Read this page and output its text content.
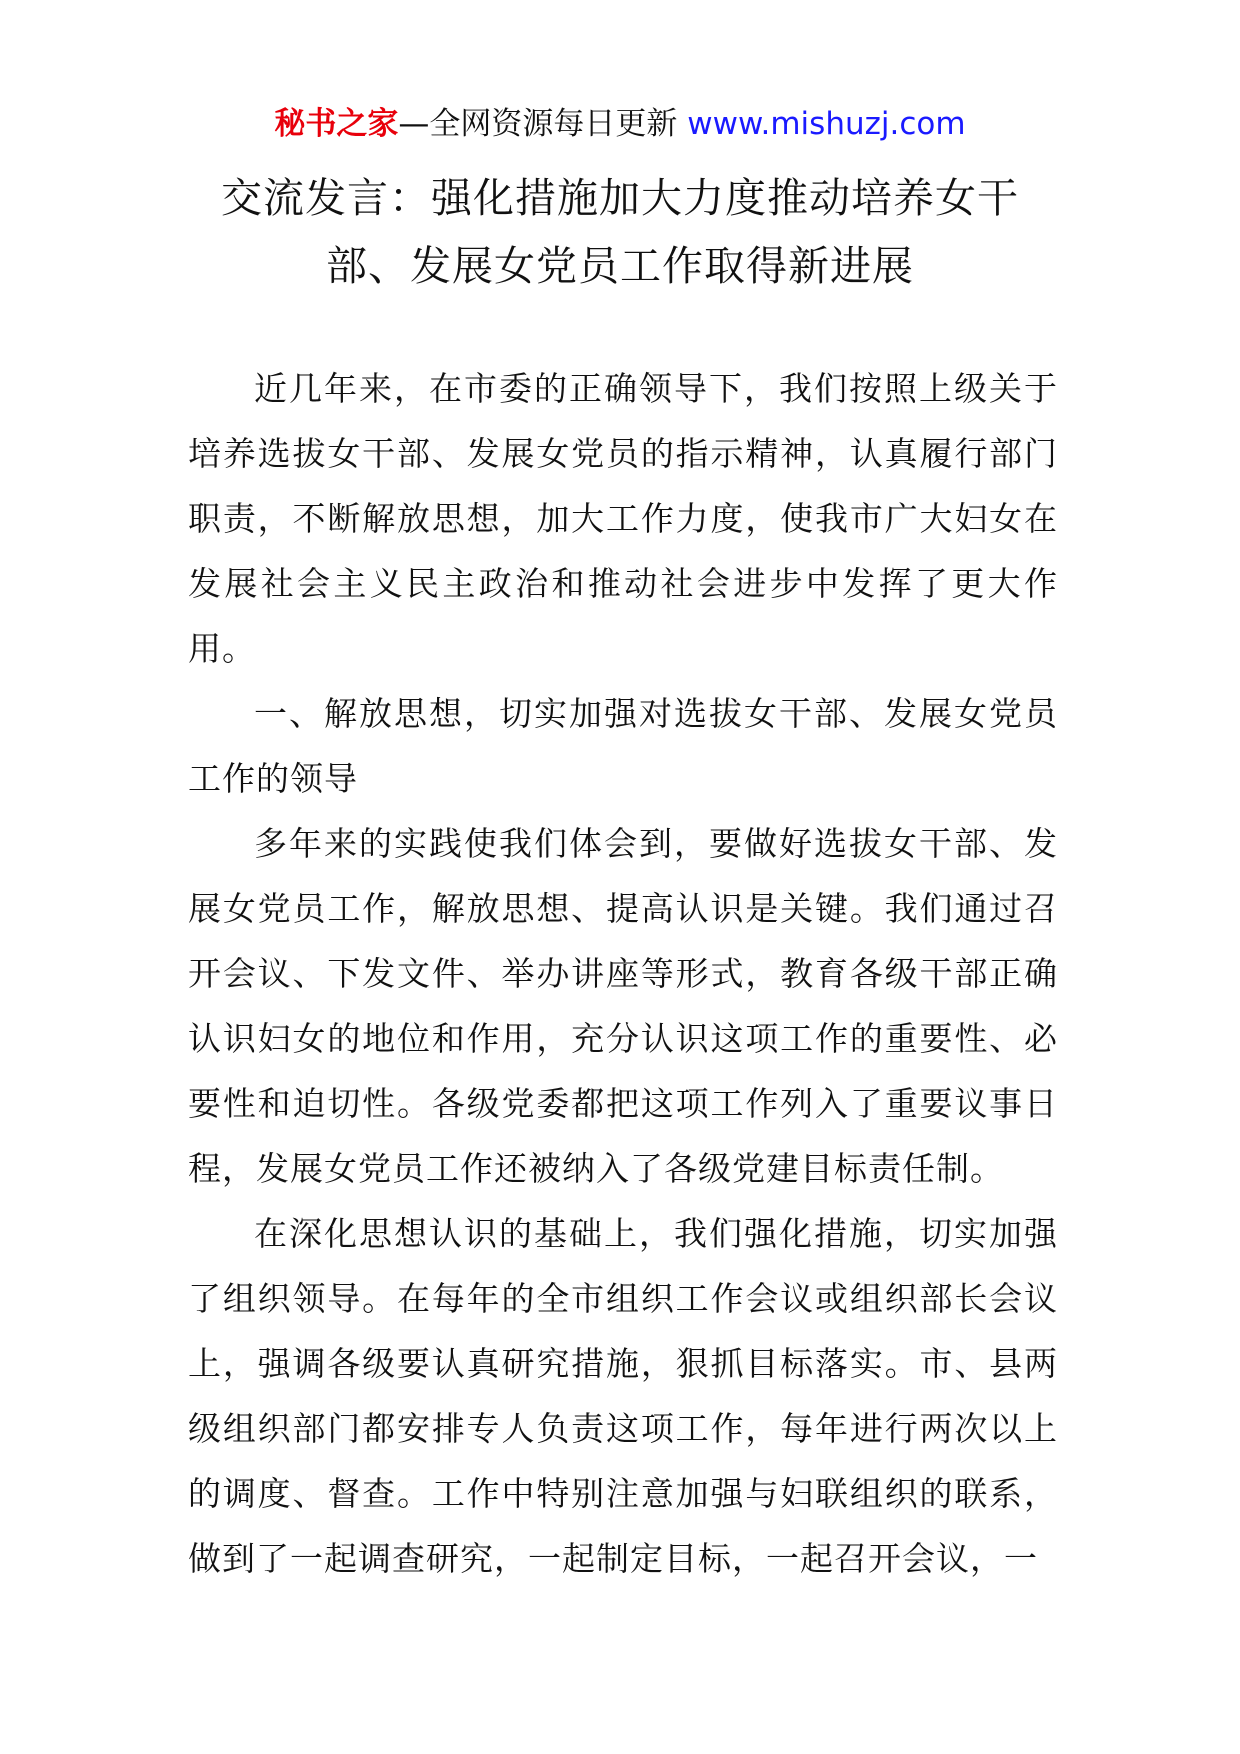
秘书之家—全网资源每日更新 www.mishuzj.com
交流发言：强化措施加大力度推动培养女干
部、发展女党员工作取得新进展

近几年来，在市委的正确领导下，我们按照上级关于培养选拔女干部、发展女党员的指示精神，认真履行部门职责，不断解放思想，加大工作力度，使我市广大妇女在发展社会主义民主政治和推动社会进步中发挥了更大作用。

一、解放思想，切实加强对选拔女干部、发展女党员工作的领导

多年来的实践使我们体会到，要做好选拔女干部、发展女党员工作，解放思想、提高认识是关键。我们通过召开会议、下发文件、举办讲座等形式，教育各级干部正确认识妇女的地位和作用，充分认识这项工作的重要性、必要性和迫切性。各级党委都把这项工作列入了重要议事日程，发展女党员工作还被纳入了各级党建目标责任制。

在深化思想认识的基础上，我们强化措施，切实加强了组织领导。在每年的全市组织工作会议或组织部长会议上，强调各级要认真研究措施，狠抓目标落实。市、县两级组织部门都安排专人负责这项工作，每年进行两次以上的调度、督查。工作中特别注意加强与妇联组织的联系，做到了一起调查研究，一起制定目标，一起召开会议，一
